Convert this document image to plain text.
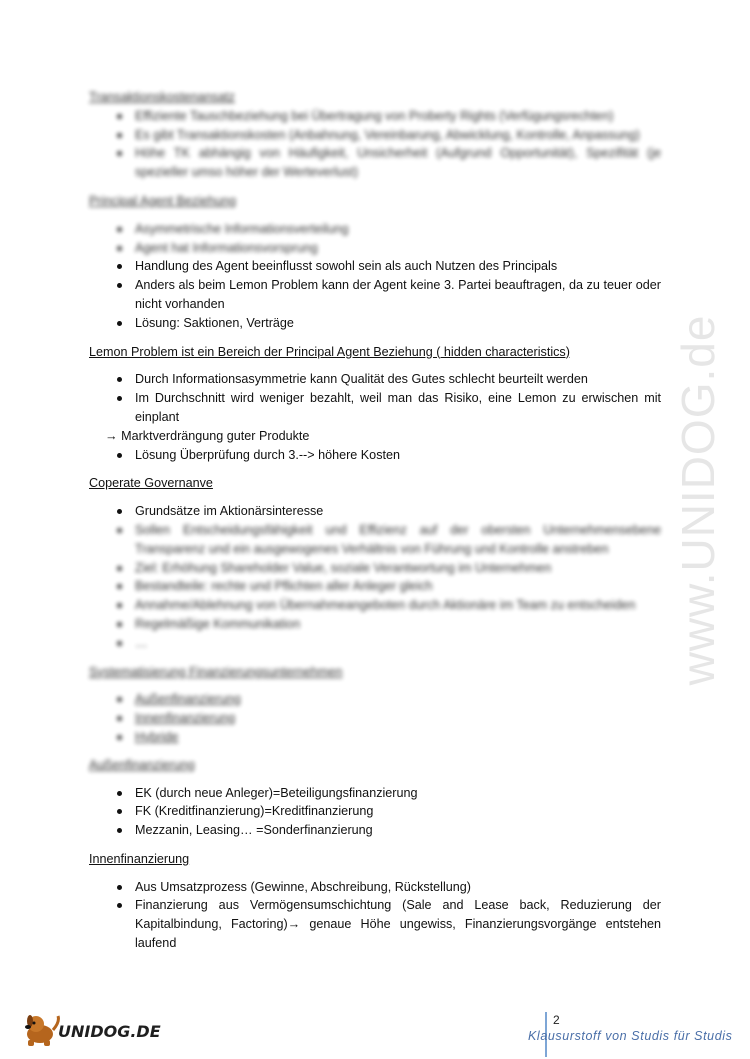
Transaktionskostenansatz

Effiziente Tauschbeziehung bei Übertragung von Proberty Rights (Verfügungsrechten)
Es gibt Transaktionskosten (Anbahnung, Vereinbarung, Abwicklung, Kontrolle, Anpassung)
Höhe TK abhängig von Häufigkeit, Unsicherheit (Aufgrund Opportunität), Spezifität (je spezieller umso höher der Werteverlust)

Principal Agent Beziehung

Asymmetrische Informationsverteilung
Agent hat Informationsvorsprung
Handlung des Agent beeinflusst sowohl sein als auch Nutzen des Principals
Anders als beim Lemon Problem kann der Agent keine 3. Partei beauftragen, da zu teuer oder nicht vorhanden
Lösung: Saktionen, Verträge

Lemon Problem ist ein Bereich der Principal Agent Beziehung ( hidden characteristics)

Durch Informationsasymmetrie kann Qualität des Gutes schlecht beurteilt werden
Im Durchschnitt wird weniger bezahlt, weil man das Risiko, eine Lemon zu erwischen mit einplant
→ Marktverdrängung guter Produkte
Lösung Überprüfung durch 3.--> höhere Kosten

Coperate Governanve

Grundsätze im Aktionärsinteresse
Sollen Entscheidungsfähigkeit und Effizienz auf der obersten Unternehmensebene Transparenz und ein ausgewogenes Verhältnis von Führung und Kontrolle anstreben
Ziel: Erhöhung Shareholder Value, soziale Verantwortung im Unternehmen
Bestandteile: rechte und Pflichten aller Anleger gleich
Annahme/Ablehnung von Übernahmeangeboten durch Aktionäre im Team zu entscheiden
Regelmäßige Kommunikation
…

Systematisierung Finanzierungsunternehmen

Außenfinanzierung
Innenfinanzierung
Hybride

Außenfinanzierung

EK (durch neue Anleger)=Beteiligungsfinanzierung
FK (Kreditfinanzierung)=Kreditfinanzierung
Mezzanin, Leasing… =Sonderfinanzierung

Innenfinanzierung

Aus Umsatzprozess (Gewinne, Abschreibung, Rückstellung)
Finanzierung aus Vermögensumschichtung (Sale and Lease back, Reduzierung der Kapitalbindung, Factoring)→ genaue Höhe ungewiss, Finanzierungsvorgänge entstehen laufend
www.UNIDOG.de
UNIDOG.DE
2
Klausurstoff von Studis für Studis
